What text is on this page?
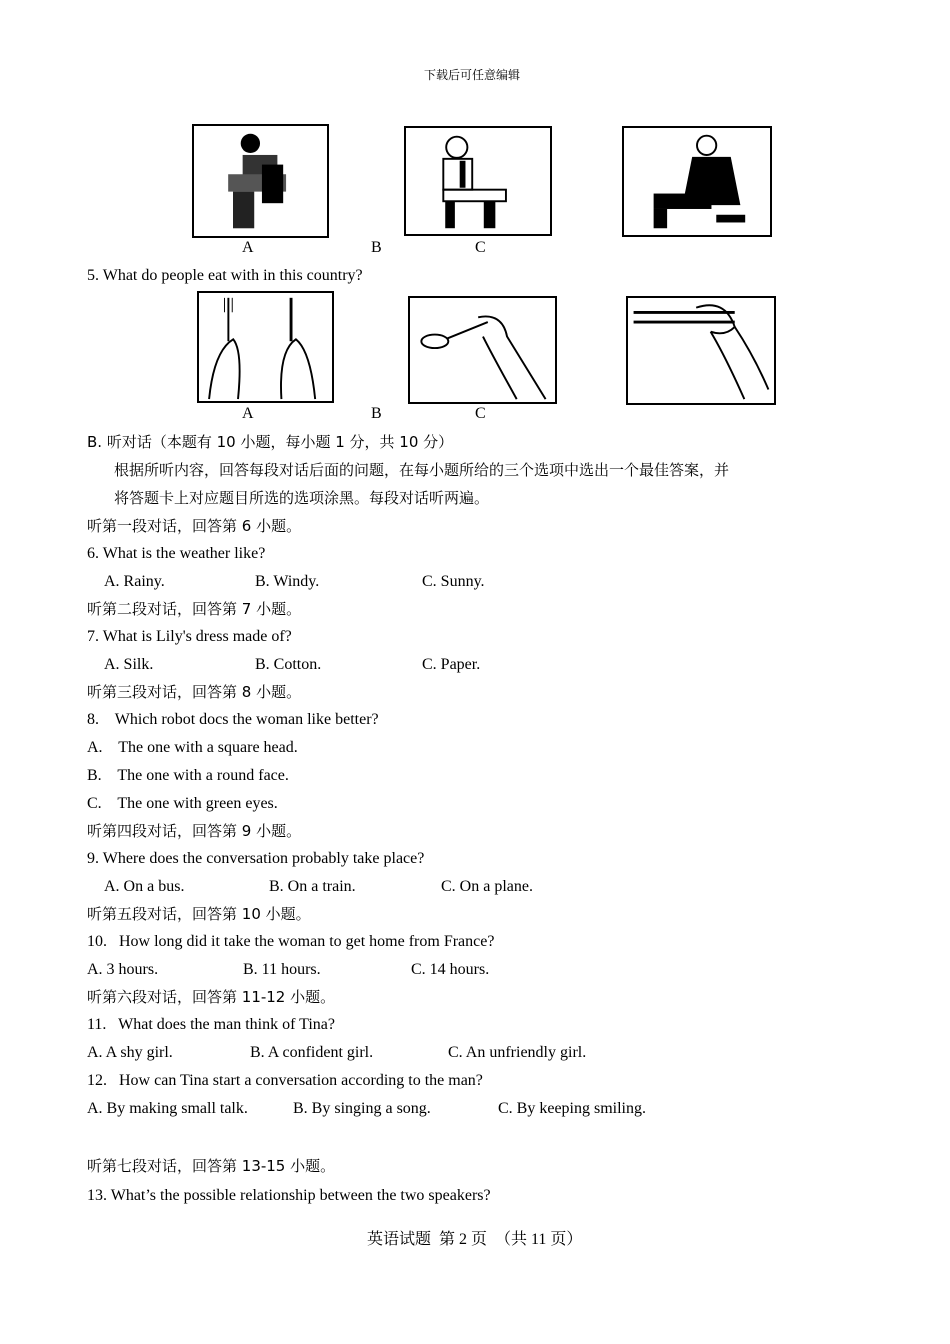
下载后可任意编辑
A	B	C
5. What do people eat with in this country?
A	B	C
B. 听对话（本题有 10 小题，每小题 1 分，共 10 分）
根据所听内容，回答每段对话后面的问题，在每小题所给的三个选项中选出一个最佳答案，并
将答题卡上对应题目所选的选项涂黑。每段对话听两遍。
听第一段对话，回答第 6 小题。
6. What is the weather like?
A. Rainy.	B. Windy.	C. Sunny.
听第二段对话，回答第 7 小题。
7. What is Lily's dress made of?
A. Silk.	B. Cotton.	C. Paper.
听第三段对话，回答第 8 小题。
8.    Which robot docs the woman like better?
A.    The one with a square head.
B.    The one with a round face.
C.    The one with green eyes.
听第四段对话，回答第 9 小题。
9. Where does the conversation probably take place?
A. On a bus.	B. On a train.	C. On a plane.
听第五段对话，回答第 10 小题。
10.   How long did it take the woman to get home from France?
A. 3 hours.	B. 11 hours.	C. 14 hours.
听第六段对话，回答第 11-12 小题。
11.   What does the man think of Tina?
A. A shy girl.	B. A confident girl.	C. An unfriendly girl.
12.   How can Tina start a conversation according to the man?
A. By making small talk.	B. By singing a song.	C. By keeping smiling.
听第七段对话，回答第 13-15 小题。
13. What’s the possible relationship between the two speakers?
英语试题  第 2 页  （共 11 页）
